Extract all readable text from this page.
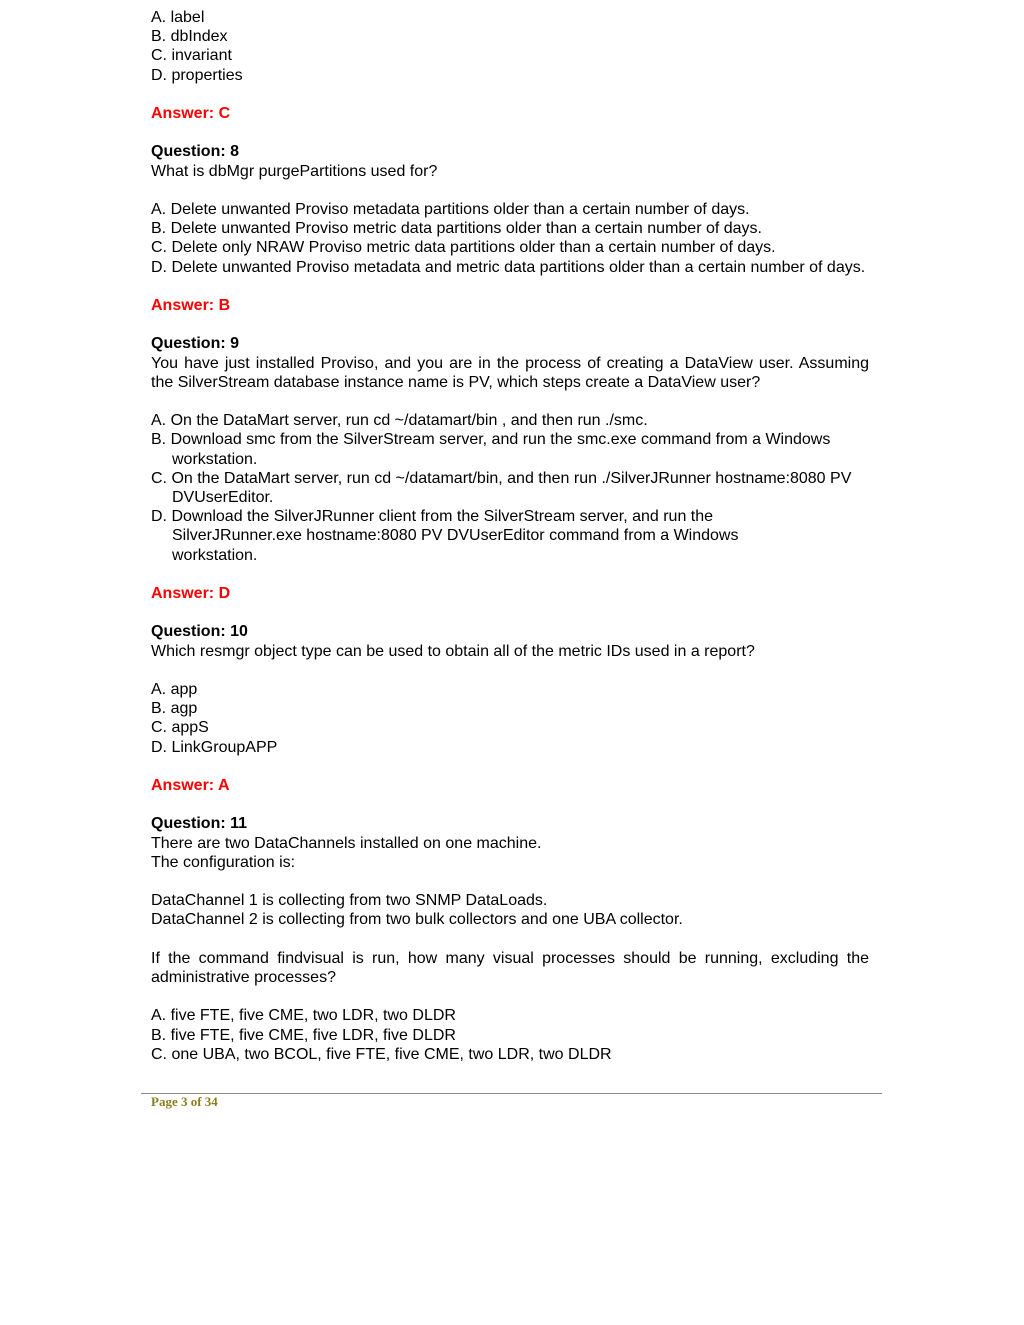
A. label
B. dbIndex
C. invariant
D. properties
Answer: C
Question: 8
What is dbMgr purgePartitions used for?
A. Delete unwanted Proviso metadata partitions older than a certain number of days.
B. Delete unwanted Proviso metric data partitions older than a certain number of days.
C. Delete only NRAW Proviso metric data partitions older than a certain number of days.
D. Delete unwanted Proviso metadata and metric data partitions older than a certain number of days.
Answer: B
Question: 9
You have just installed Proviso, and you are in the process of creating a DataView user. Assuming the SilverStream database instance name is PV, which steps create a DataView user?
A. On the DataMart server, run cd ~/datamart/bin , and then run ./smc.
B. Download smc from the SilverStream server, and run the smc.exe command from a Windows workstation.
C. On the DataMart server, run cd ~/datamart/bin, and then run ./SilverJRunner hostname:8080 PV DVUserEditor.
D. Download the SilverJRunner client from the SilverStream server, and run the SilverJRunner.exe hostname:8080 PV DVUserEditor command from a Windows workstation.
Answer: D
Question: 10
Which resmgr object type can be used to obtain all of the metric IDs used in a report?
A. app
B. agp
C. appS
D. LinkGroupAPP
Answer: A
Question: 11
There are two DataChannels installed on one machine.
The configuration is:
DataChannel 1 is collecting from two SNMP DataLoads.
DataChannel 2 is collecting from two bulk collectors and one UBA collector.
If the command findvisual is run, how many visual processes should be running, excluding the administrative processes?
A. five FTE, five CME, two LDR, two DLDR
B. five FTE, five CME, five LDR, five DLDR
C. one UBA, two BCOL, five FTE, five CME, two LDR, two DLDR
Page 3 of 34
